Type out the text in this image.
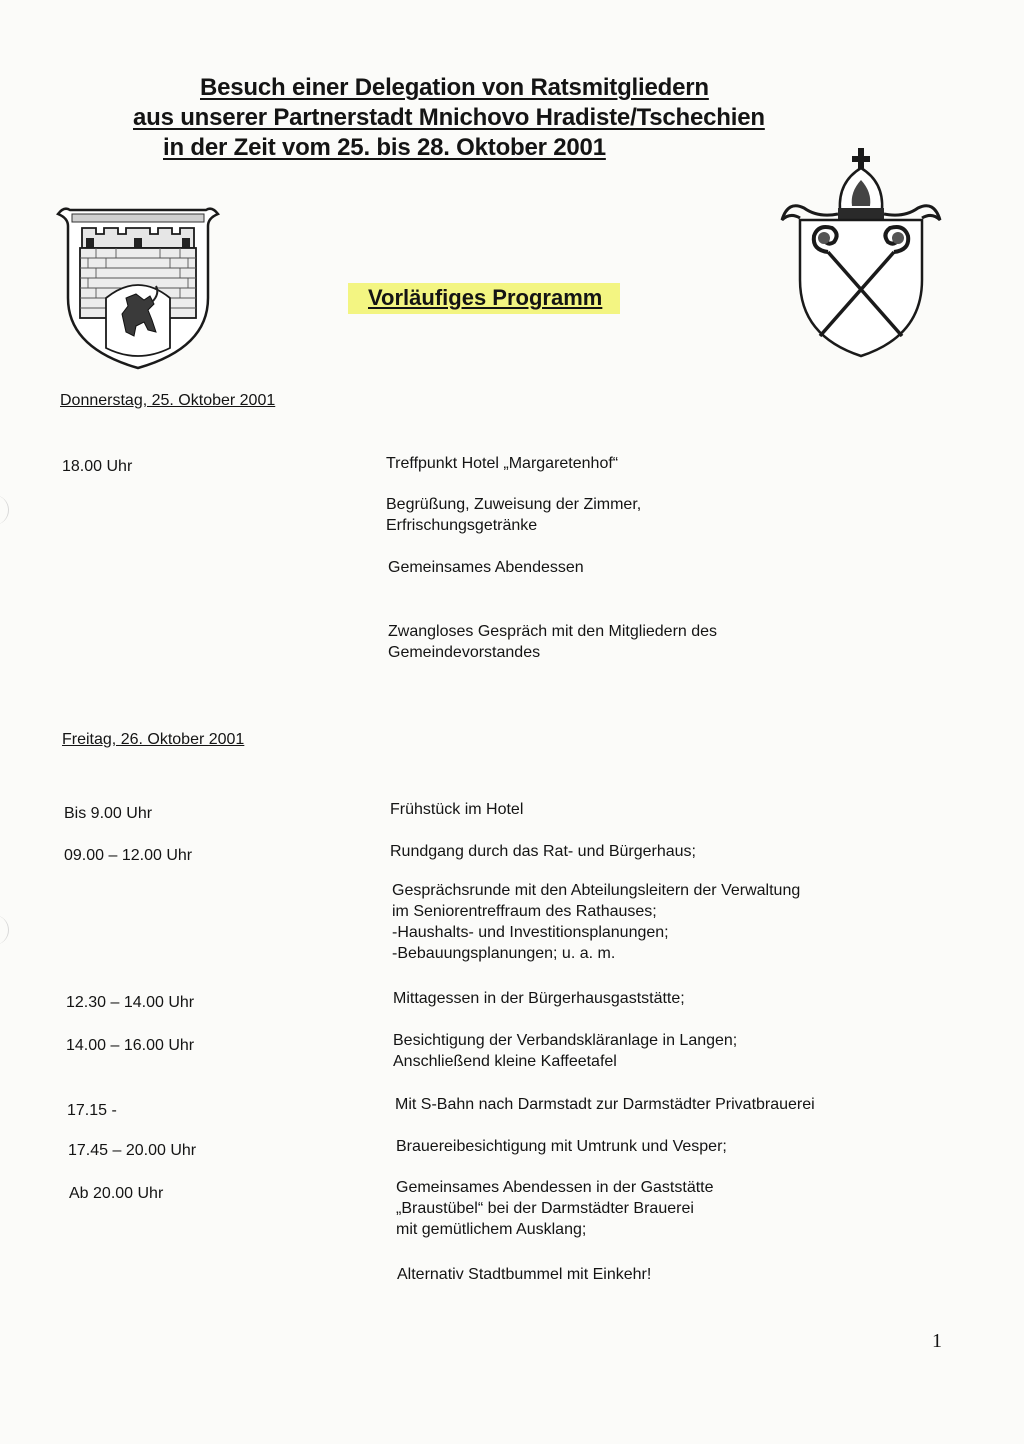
Besuch einer Delegation von Ratsmitgliedern
aus unserer Partnerstadt Mnichovo Hradiste/Tschechien
in der Zeit vom 25. bis 28. Oktober 2001
Vorläufiges Programm
Donnerstag, 25. Oktober 2001
18.00 Uhr	Treffpunkt Hotel „Margaretenhof“
Begrüßung, Zuweisung der Zimmer,
Erfrischungsgetränke
Gemeinsames Abendessen
Zwangloses Gespräch mit den Mitgliedern des
Gemeindevorstandes
Freitag, 26. Oktober 2001
Bis 9.00 Uhr	Frühstück im Hotel
09.00 – 12.00 Uhr	Rundgang durch das Rat- und Bürgerhaus;
Gesprächsrunde mit den Abteilungsleitern der Verwaltung
im Seniorentreffraum des Rathauses;
-Haushalts- und Investitionsplanungen;
-Bebauungsplanungen; u. a. m.
12.30 – 14.00 Uhr	Mittagessen in der Bürgerhausgaststätte;
14.00 – 16.00 Uhr	Besichtigung der Verbandskläranlage in Langen;
Anschließend kleine Kaffeetafel
17.15 -	Mit S-Bahn nach Darmstadt zur Darmstädter Privatbrauerei
17.45 – 20.00 Uhr	Brauereibesichtigung mit Umtrunk und Vesper;
Ab 20.00 Uhr	Gemeinsames Abendessen in der Gaststätte
„Braustübel“ bei der Darmstädter Brauerei
mit gemütlichem Ausklang;
Alternativ Stadtbummel mit Einkehr!
1
